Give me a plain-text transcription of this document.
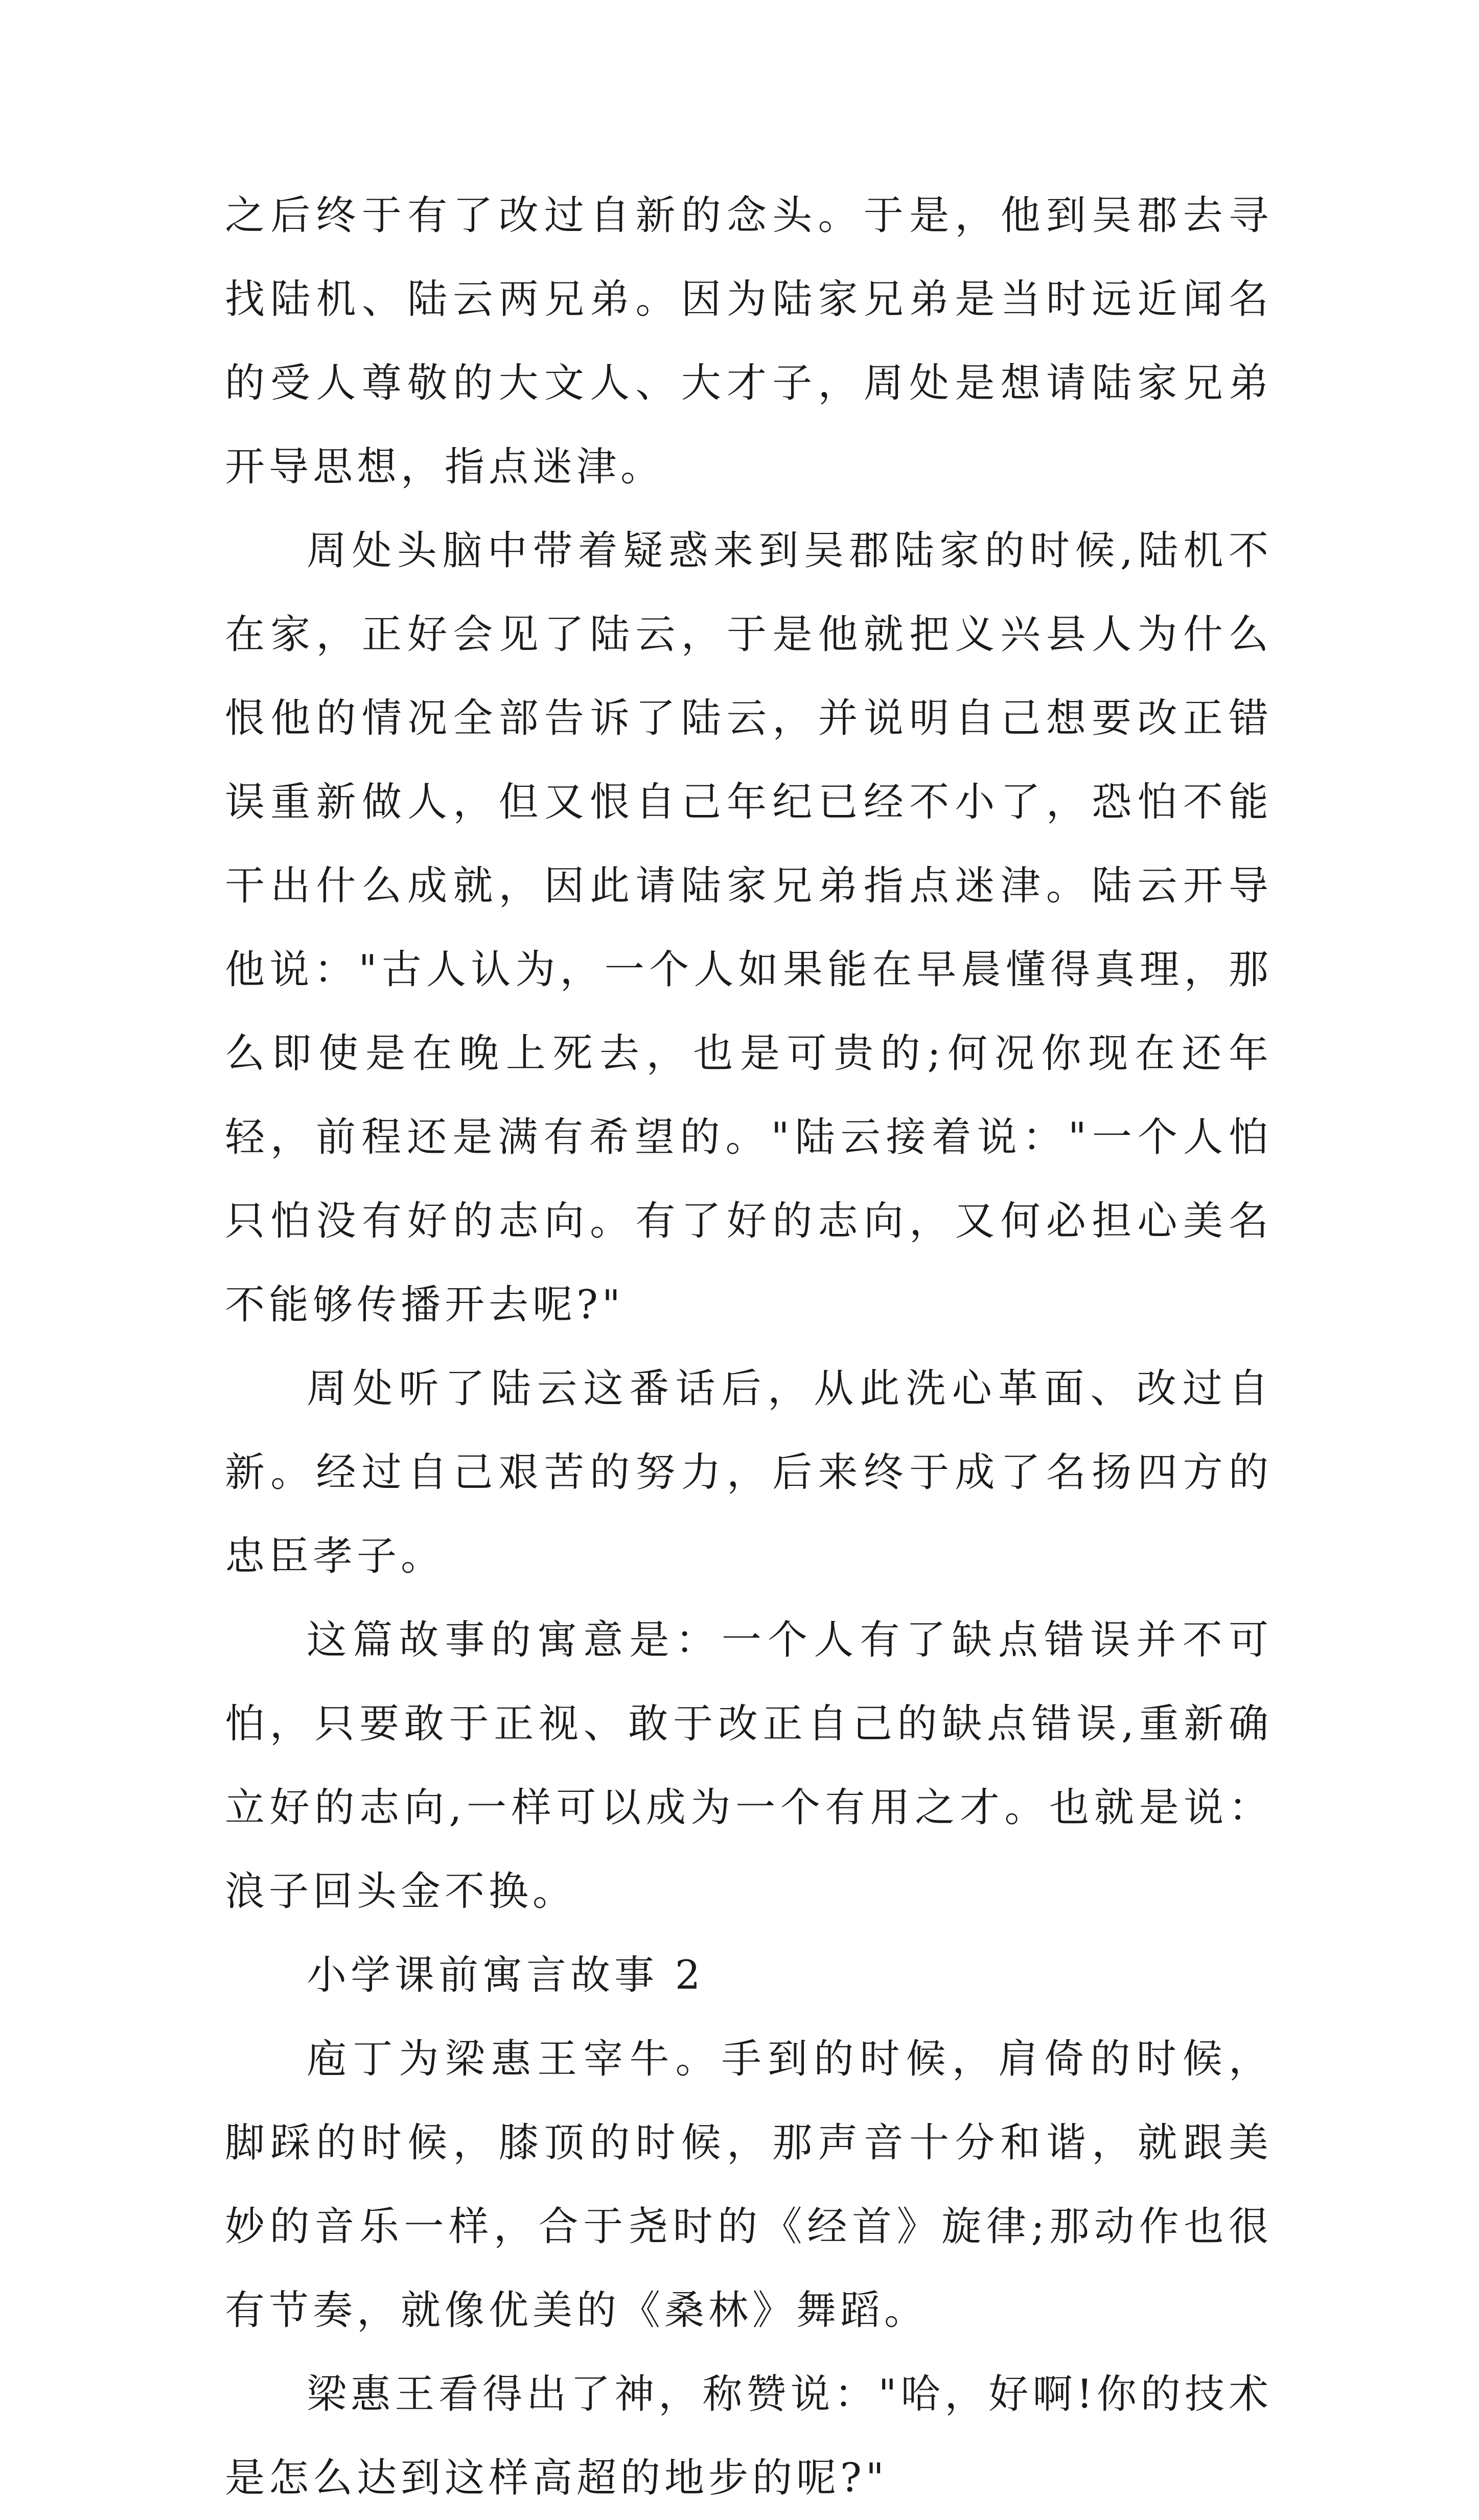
之后终于有了改过自新的念头。于是，他到吴郡去寻找陆机、陆云两兄弟。因为陆家兄弟是当时远近闻名的受人尊敬的大文人、大才子，周处是想请陆家兄弟开导思想，指点迷津。

周处头脑中带着疑惑来到吴郡陆家的时候,陆机不在家，正好会见了陆云，于是他就把义兴县人为什么恨他的情况全部告诉了陆云，并说明自己想要改正错误重新做人，但又恨自己年纪已经不小了，恐怕不能干出什么成就，因此请陆家兄弟指点迷津。陆云开导他说："古人认为，一个人如果能在早晨懂得真理，那么即使是在晚上死去，也是可贵的;何况你现在还年轻，前程还是满有希望的。"陆云接着说："一个人怕只怕没有好的志向。有了好的志向，又何必担心美名不能够传播开去呢?"

周处听了陆云这番话后，从此洗心革面、改过自新。经过自己艰苦的努力，后来终于成了名扬四方的忠臣孝子。

这篇故事的寓意是：一个人有了缺点错误并不可怕，只要敢于正视、敢于改正自己的缺点错误,重新确立好的志向,一样可以成为一个有用之才。也就是说：浪子回头金不换。

小学课前寓言故事 2

庖丁为梁惠王宰牛。手到的时候，肩倚的时候，脚踩的时候，膝顶的时候，那声音十分和谐，就跟美妙的音乐一样，合于尧时的《经首》旋律;那动作也很有节奏，就像优美的《桑林》舞蹈。

梁惠王看得出了神，称赞说："哈，好啊!你的技术是怎么达到这样高超的地步的呢?"
